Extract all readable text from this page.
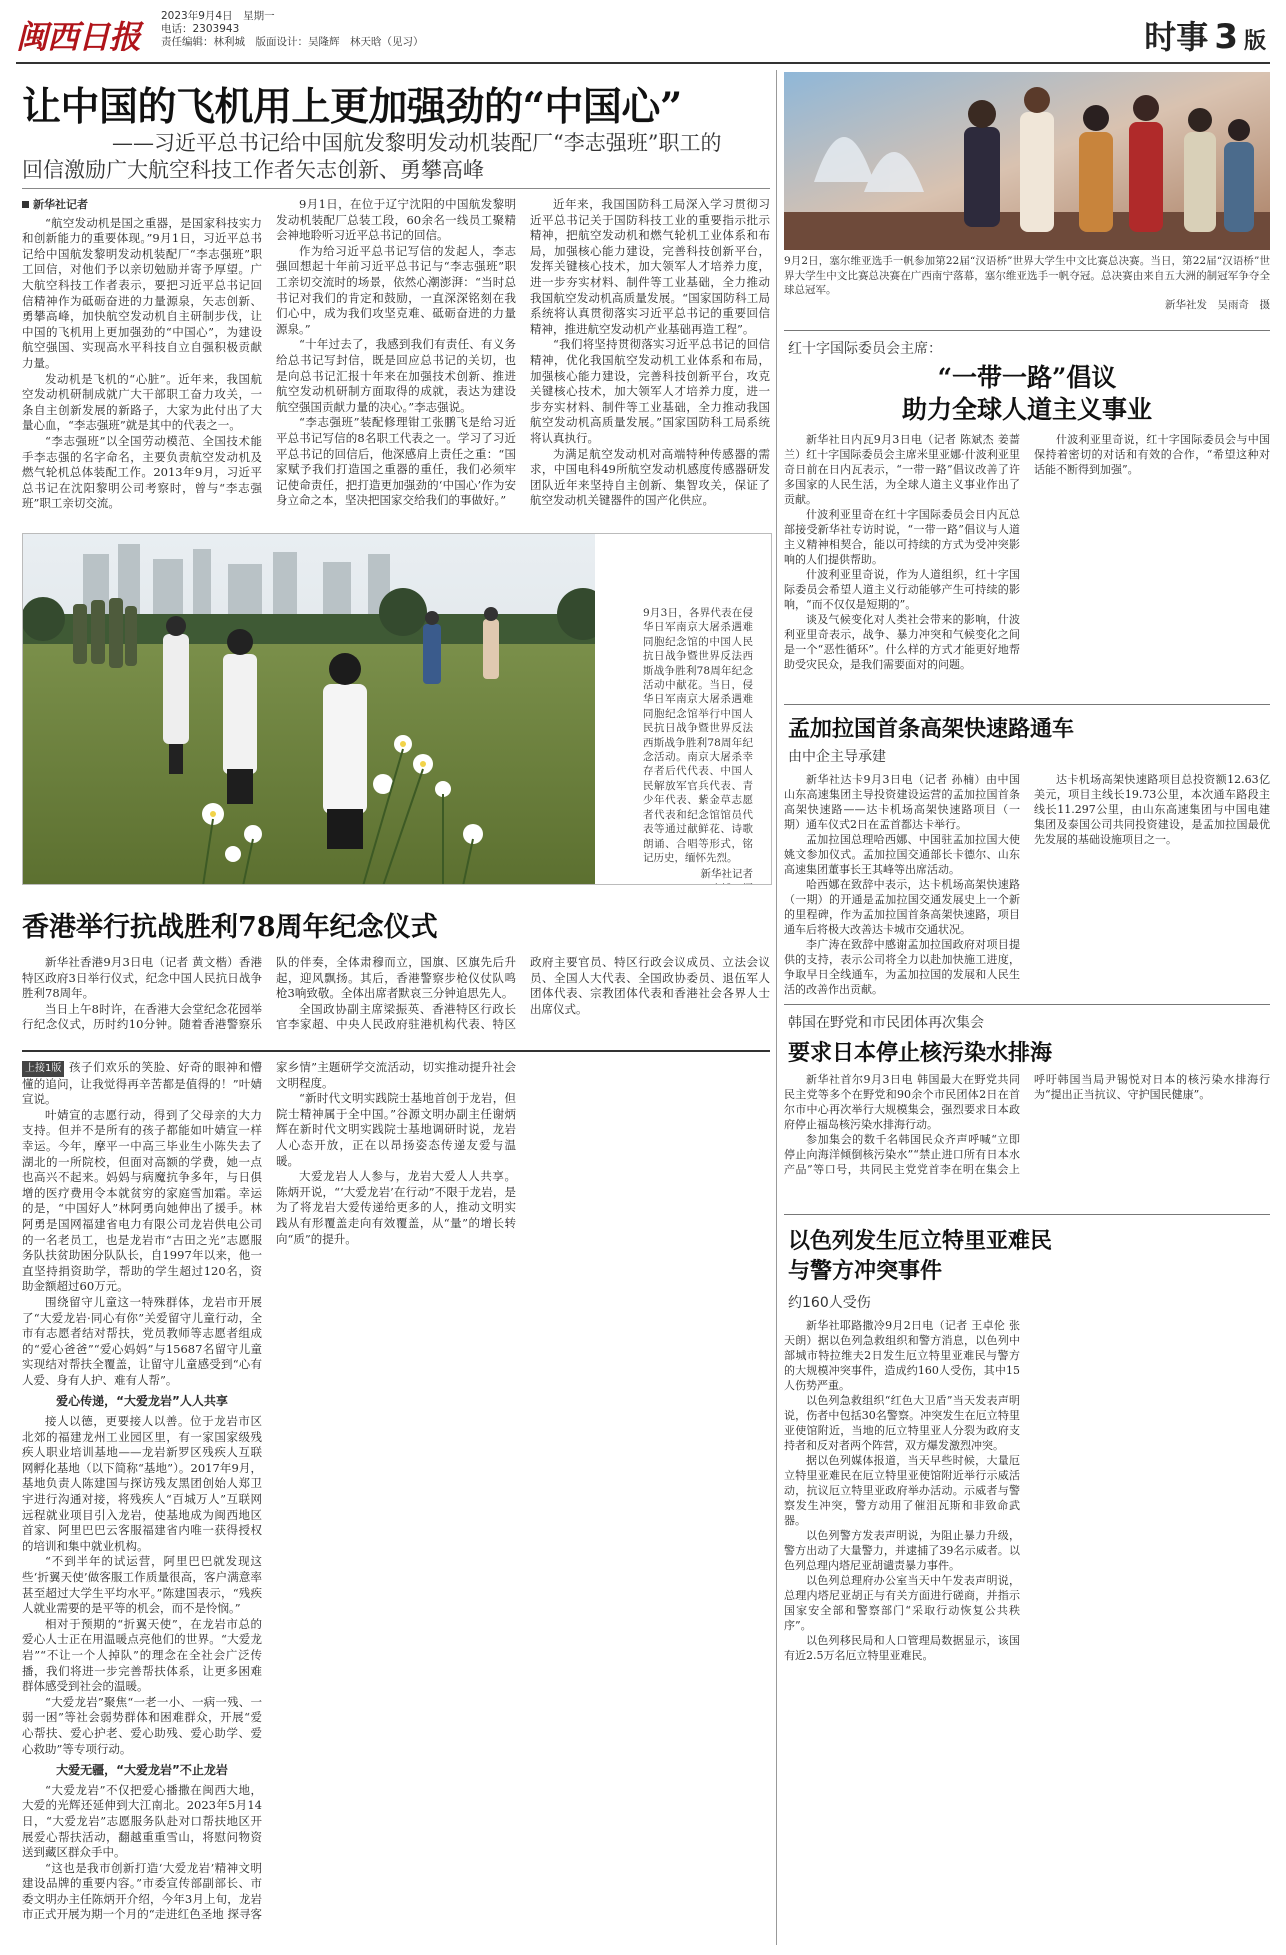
闽西日报
2023年9月4日　星期一
电话：2303943
责任编辑：林利城　版面设计：吴隆辉　林天晗（见习）	时事 3 版
让中国的飞机用上更加强劲的“中国心”
——习近平总书记给中国航发黎明发动机装配厂“李志强班”职工的
回信激励广大航空科技工作者矢志创新、勇攀高峰
新华社记者

“航空发动机是国之重器，是国家科技实力和创新能力的重要体现。”9月1日，习近平总书记给中国航发黎明发动机装配厂“李志强班”职工回信，对他们予以亲切勉励并寄予厚望。广大航空科技工作者表示，要把习近平总书记回信精神作为砥砺奋进的力量源泉，矢志创新、勇攀高峰，加快航空发动机自主研制步伐，让中国的飞机用上更加强劲的“中国心”，为建设航空强国、实现高水平科技自立自强积极贡献力量。

发动机是飞机的“心脏”。近年来，我国航空发动机研制成就广大干部职工奋力攻关，一条自主创新发展的新路子，大家为此付出了大量心血，“李志强班”就是其中的代表之一。

“李志强班”以全国劳动模范、全国技术能手李志强的名字命名，主要负责航空发动机及燃气轮机总体装配工作。2013年9月，习近平总书记在沈阳黎明公司考察时，曾与“李志强班”职工亲切交流。

9月1日，在位于辽宁沈阳的中国航发黎明发动机装配厂总装工段，60余名一线员工聚精会神地聆听习近平总书记的回信。

作为给习近平总书记写信的发起人，李志强回想起十年前习近平总书记与“李志强班”职工亲切交流时的场景，依然心潮澎湃：“当时总书记对我们的肯定和鼓励，一直深深铭刻在我们心中，成为我们攻坚克难、砥砺奋进的力量源泉。”

“十年过去了，我感到我们有责任、有义务给总书记写封信，既是回应总书记的关切，也是向总书记汇报十年来在加强技术创新、推进航空发动机研制方面取得的成就，表达为建设航空强国贡献力量的决心。”李志强说。

“李志强班”装配修理钳工张鹏飞是给习近平总书记写信的8名职工代表之一。学习了习近平总书记的回信后，他深感肩上责任之重：“国家赋予我们打造国之重器的重任，我们必须牢记使命责任，把打造更加强劲的‘中国心’作为安身立命之本，坚决把国家交给我们的事做好。”

近年来，我国国防科工局深入学习贯彻习近平总书记关于国防科技工业的重要指示批示精神，把航空发动机和燃气轮机工业体系和布局，加强核心能力建设，完善科技创新平台，发挥关键核心技术，加大领军人才培养力度，进一步夯实材料、制件等工业基础，全力推动我国航空发动机高质量发展。“国家国防科工局系统将认真贯彻落实习近平总书记的重要回信精神，推进航空发动机产业基础再造工程”。

“我们将坚持贯彻落实习近平总书记的回信精神，优化我国航空发动机工业体系和布局，加强核心能力建设，完善科技创新平台，攻克关键核心技术，加大领军人才培养力度，进一步夯实材料、制件等工业基础，全力推动我国航空发动机高质量发展。”国家国防科工局系统将认真执行。

为满足航空发动机对高端特种传感器的需求，中国电科49所航空发动机感度传感器研发团队近年来坚持自主创新、集智攻关，保证了航空发动机关键器件的国产化供应。

9月3日，各界代表在侵华日军南京大屠杀遇难同胞纪念馆的中国人民抗日战争暨世界反法西斯战争胜利78周年纪念活动中献花。当日，侵华日军南京大屠杀遇难同胞纪念馆举行中国人民抗日战争暨世界反法西斯战争胜利78周年纪念活动。南京大屠杀幸存者后代代表、中国人民解放军官兵代表、青少年代表、紫金草志愿者代表和纪念馆馆员代表等通过献鲜花、诗歌朗诵、合唱等形式，铭记历史，缅怀先烈。
新华社记者
香港举行抗战胜利78周年纪念仪式

新华社香港9月3日电（记者 黄文楷）香港特区政府3日举行仪式，纪念中国人民抗日战争胜利78周年。

当日上午8时许，在香港大会堂纪念花园举行纪念仪式，历时约10分钟。随着香港警察乐队的伴奏，全体肃穆而立，国旗、区旗先后升起，迎风飘扬。其后，香港警察步枪仪仗队鸣枪3响致敬。全体出席者默哀三分钟追思先人。

全国政协副主席梁振英、香港特区行政长官李家超、中央人民政府驻港机构代表、特区政府主要官员、特区行政会议成员、立法会议员、全国人大代表、全国政协委员、退伍军人团体代表、宗教团体代表和香港社会各界人士出席仪式。

上接1版 孩子们欢乐的笑脸、好奇的眼神和懵懂的追问，让我觉得再辛苦都是值得的！”叶婧宣说。

叶婧宣的志愿行动，得到了父母亲的大力支持。但并不是所有的孩子都能如叶婧宣一样幸运。今年，摩平一中高三毕业生小陈失去了湖北的一所院校，但面对高额的学费，她一点也高兴不起来。妈妈与病魔抗争多年，与日俱增的医疗费用令本就贫穷的家庭雪加霜。幸运的是，“中国好人”林阿勇向她伸出了援手。林阿勇是国网福建省电力有限公司龙岩供电公司的一名老员工，也是龙岩市“古田之光”志愿服务队扶贫助困分队队长，自1997年以来，他一直坚持捐资助学，帮助的学生超过120名，资助金额超过60万元。

围绕留守儿童这一特殊群体，龙岩市开展了“大爱龙岩·同心有你”关爱留守儿童行动，全市有志愿者结对帮扶，党员教师等志愿者组成的“爱心爸爸”“爱心妈妈”与15687名留守儿童实现结对帮扶全覆盖，让留守儿童感受到“心有人爱、身有人护、难有人帮”。

爱心传递，“大爱龙岩”人人共享

接人以德，更要接人以善。位于龙岩市区北郊的福建龙州工业园区里，有一家国家级残疾人职业培训基地——龙岩新罗区残疾人互联网孵化基地（以下简称“基地”）。2017年9月，基地负责人陈建国与探访残友黑团创始人郑卫宇进行沟通对接，将残疾人“百城万人”互联网远程就业项目引入龙岩，使基地成为闽西地区首家、阿里巴巴云客服福建省内唯一获得授权的培训和集中就业机构。

“不到半年的试运营，阿里巴巴就发现这些‘折翼天使’做客服工作质量很高，客户满意率甚至超过大学生平均水平。”陈建国表示，“残疾人就业需要的是平等的机会，而不是怜悯。”

相对于预期的“折翼天使”，在龙岩市总的爱心人士正在用温暖点亮他们的世界。“大爱龙岩”“不让一个人掉队”的理念在全社会广泛传播，我们将进一步完善帮扶体系，让更多困难群体感受到社会的温暖。

“大爱龙岩”聚焦“一老一小、一病一残、一弱一困”等社会弱势群体和困难群众，开展“爱心帮扶、爱心护老、爱心助残、爱心助学、爱心救助”等专项行动。

大爱无疆，“大爱龙岩”不止龙岩

“大爱龙岩”不仅把爱心播撒在闽西大地，大爱的光辉还延伸到大江南北。2023年5月14日，“大爱龙岩”志愿服务队赴对口帮扶地区开展爱心帮扶活动，翻越重重雪山，将慰问物资送到藏区群众手中。

“这也是我市创新打造‘大爱龙岩’精神文明建设品牌的重要内容。”市委宣传部副部长、市委文明办主任陈炳开介绍，今年3月上旬，龙岩市正式开展为期一个月的“走进红色圣地 探寻客家乡情”主题研学交流活动，切实推动提升社会文明程度。

“新时代文明实践院士基地首创于龙岩，但院士精神属于全中国。”谷源文明办副主任谢炳辉在新时代文明实践院士基地调研时说，龙岩人心态开放，正在以昂扬姿态传递友爱与温暖。

大爱龙岩人人参与，龙岩大爱人人共享。陈炳开说，“‘大爱龙岩’在行动”不限于龙岩，是为了将龙岩大爱传递给更多的人，推动文明实践从有形覆盖走向有效覆盖，从“量”的增长转向“质”的提升。

9月2日，塞尔维亚选手一帆参加第22届“汉语桥”世界大学生中文比赛总决赛。当日，第22届“汉语桥”世界大学生中文比赛总决赛在广西南宁落幕，塞尔维亚选手一帆夺冠。总决赛由来自五大洲的制冠军争夺全球总冠军。
新华社发　吴雨奇　摄
红十字国际委员会主席：
“一带一路”倡议
助力全球人道主义事业

新华社日内瓦9月3日电（记者 陈斌杰 姜蔷兰）红十字国际委员会主席米里亚娜·什波利亚里奇日前在日内瓦表示，“一带一路”倡议改善了许多国家的人民生活，为全球人道主义事业作出了贡献。

什波利亚里奇在红十字国际委员会日内瓦总部接受新华社专访时说，“一带一路”倡议与人道主义精神相契合，能以可持续的方式为受冲突影响的人们提供帮助。

什波利亚里奇说，作为人道组织，红十字国际委员会希望人道主义行动能够产生可持续的影响，“而不仅仅是短期的”。

谈及气候变化对人类社会带来的影响，什波利亚里奇表示，战争、暴力冲突和气候变化之间是一个“恶性循环”。什么样的方式才能更好地帮助受灾民众，是我们需要面对的问题。

什波利亚里奇说，红十字国际委员会与中国保持着密切的对话和有效的合作，“希望这种对话能不断得到加强”。

孟加拉国首条高架快速路通车
由中企主导承建

新华社达卡9月3日电（记者 孙楠）由中国山东高速集团主导投资建设运营的孟加拉国首条高架快速路——达卡机场高架快速路项目（一期）通车仪式2日在孟首都达卡举行。

孟加拉国总理哈西娜、中国驻孟加拉国大使姚文参加仪式。孟加拉国交通部长卡德尔、山东高速集团董事长王其峰等出席活动。

哈西娜在致辞中表示，达卡机场高架快速路（一期）的开通是孟加拉国交通发展史上一个新的里程碑，作为孟加拉国首条高架快速路，项目通车后将极大改善达卡城市交通状况。

李广涛在致辞中感谢孟加拉国政府对项目提供的支持，表示公司将全力以赴加快施工进度，争取早日全线通车，为孟加拉国的发展和人民生活的改善作出贡献。

达卡机场高架快速路项目总投资额12.63亿美元，项目主线长19.73公里，本次通车路段主线长11.297公里，由山东高速集团与中国电建集团及泰国公司共同投资建设，是孟加拉国最优先发展的基础设施项目之一。

韩国在野党和市民团体再次集会
要求日本停止核污染水排海

新华社首尔9月3日电 韩国最大在野党共同民主党等多个在野党和90余个市民团体2日在首尔市中心再次举行大规模集会，强烈要求日本政府停止福岛核污染水排海行动。

参加集会的数千名韩国民众齐声呼喊“立即停止向海洋倾倒核污染水”“禁止进口所有日本水产品”等口号，共同民主党党首李在明在集会上呼吁韩国当局尹锡悦对日本的核污染水排海行为“提出正当抗议、守护国民健康”。

以色列发生厄立特里亚难民
与警方冲突事件
约160人受伤

新华社耶路撒冷9月2日电（记者 王卓伦 张天朗）据以色列急救组织和警方消息，以色列中部城市特拉维夫2日发生厄立特里亚难民与警方的大规模冲突事件，造成约160人受伤，其中15人伤势严重。

以色列急救组织“红色大卫盾”当天发表声明说，伤者中包括30名警察。冲突发生在厄立特里亚使馆附近，当地的厄立特里亚人分裂为政府支持者和反对者两个阵营，双方爆发激烈冲突。

据以色列媒体报道，当天早些时候，大量厄立特里亚难民在厄立特里亚使馆附近举行示威活动，抗议厄立特里亚政府举办活动。示威者与警察发生冲突，警方动用了催泪瓦斯和非致命武器。

以色列警方发表声明说，为阻止暴力升级，警方出动了大量警力，并逮捕了39名示威者。以色列总理内塔尼亚胡谴责暴力事件。

以色列总理府办公室当天中午发表声明说，总理内塔尼亚胡正与有关方面进行磋商，并指示国家安全部和警察部门“采取行动恢复公共秩序”。

以色列移民局和人口管理局数据显示，该国有近2.5万名厄立特里亚难民。
